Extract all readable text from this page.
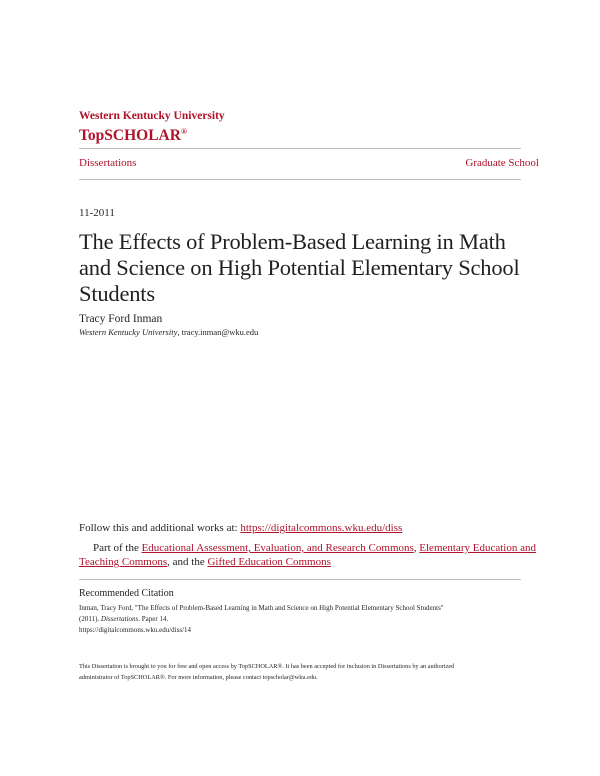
Western Kentucky University
TopSCHOLAR®
Dissertations	Graduate School
11-2011
The Effects of Problem-Based Learning in Math and Science on High Potential Elementary School Students
Tracy Ford Inman
Western Kentucky University, tracy.inman@wku.edu
Follow this and additional works at: https://digitalcommons.wku.edu/diss
Part of the Educational Assessment, Evaluation, and Research Commons, Elementary Education and Teaching Commons, and the Gifted Education Commons
Recommended Citation
Inman, Tracy Ford, "The Effects of Problem-Based Learning in Math and Science on High Potential Elementary School Students"
(2011). Dissertations. Paper 14.
https://digitalcommons.wku.edu/diss/14
This Dissertation is brought to you for free and open access by TopSCHOLAR®. It has been accepted for inclusion in Dissertations by an authorized
administrator of TopSCHOLAR®. For more information, please contact topscholar@wku.edu.
